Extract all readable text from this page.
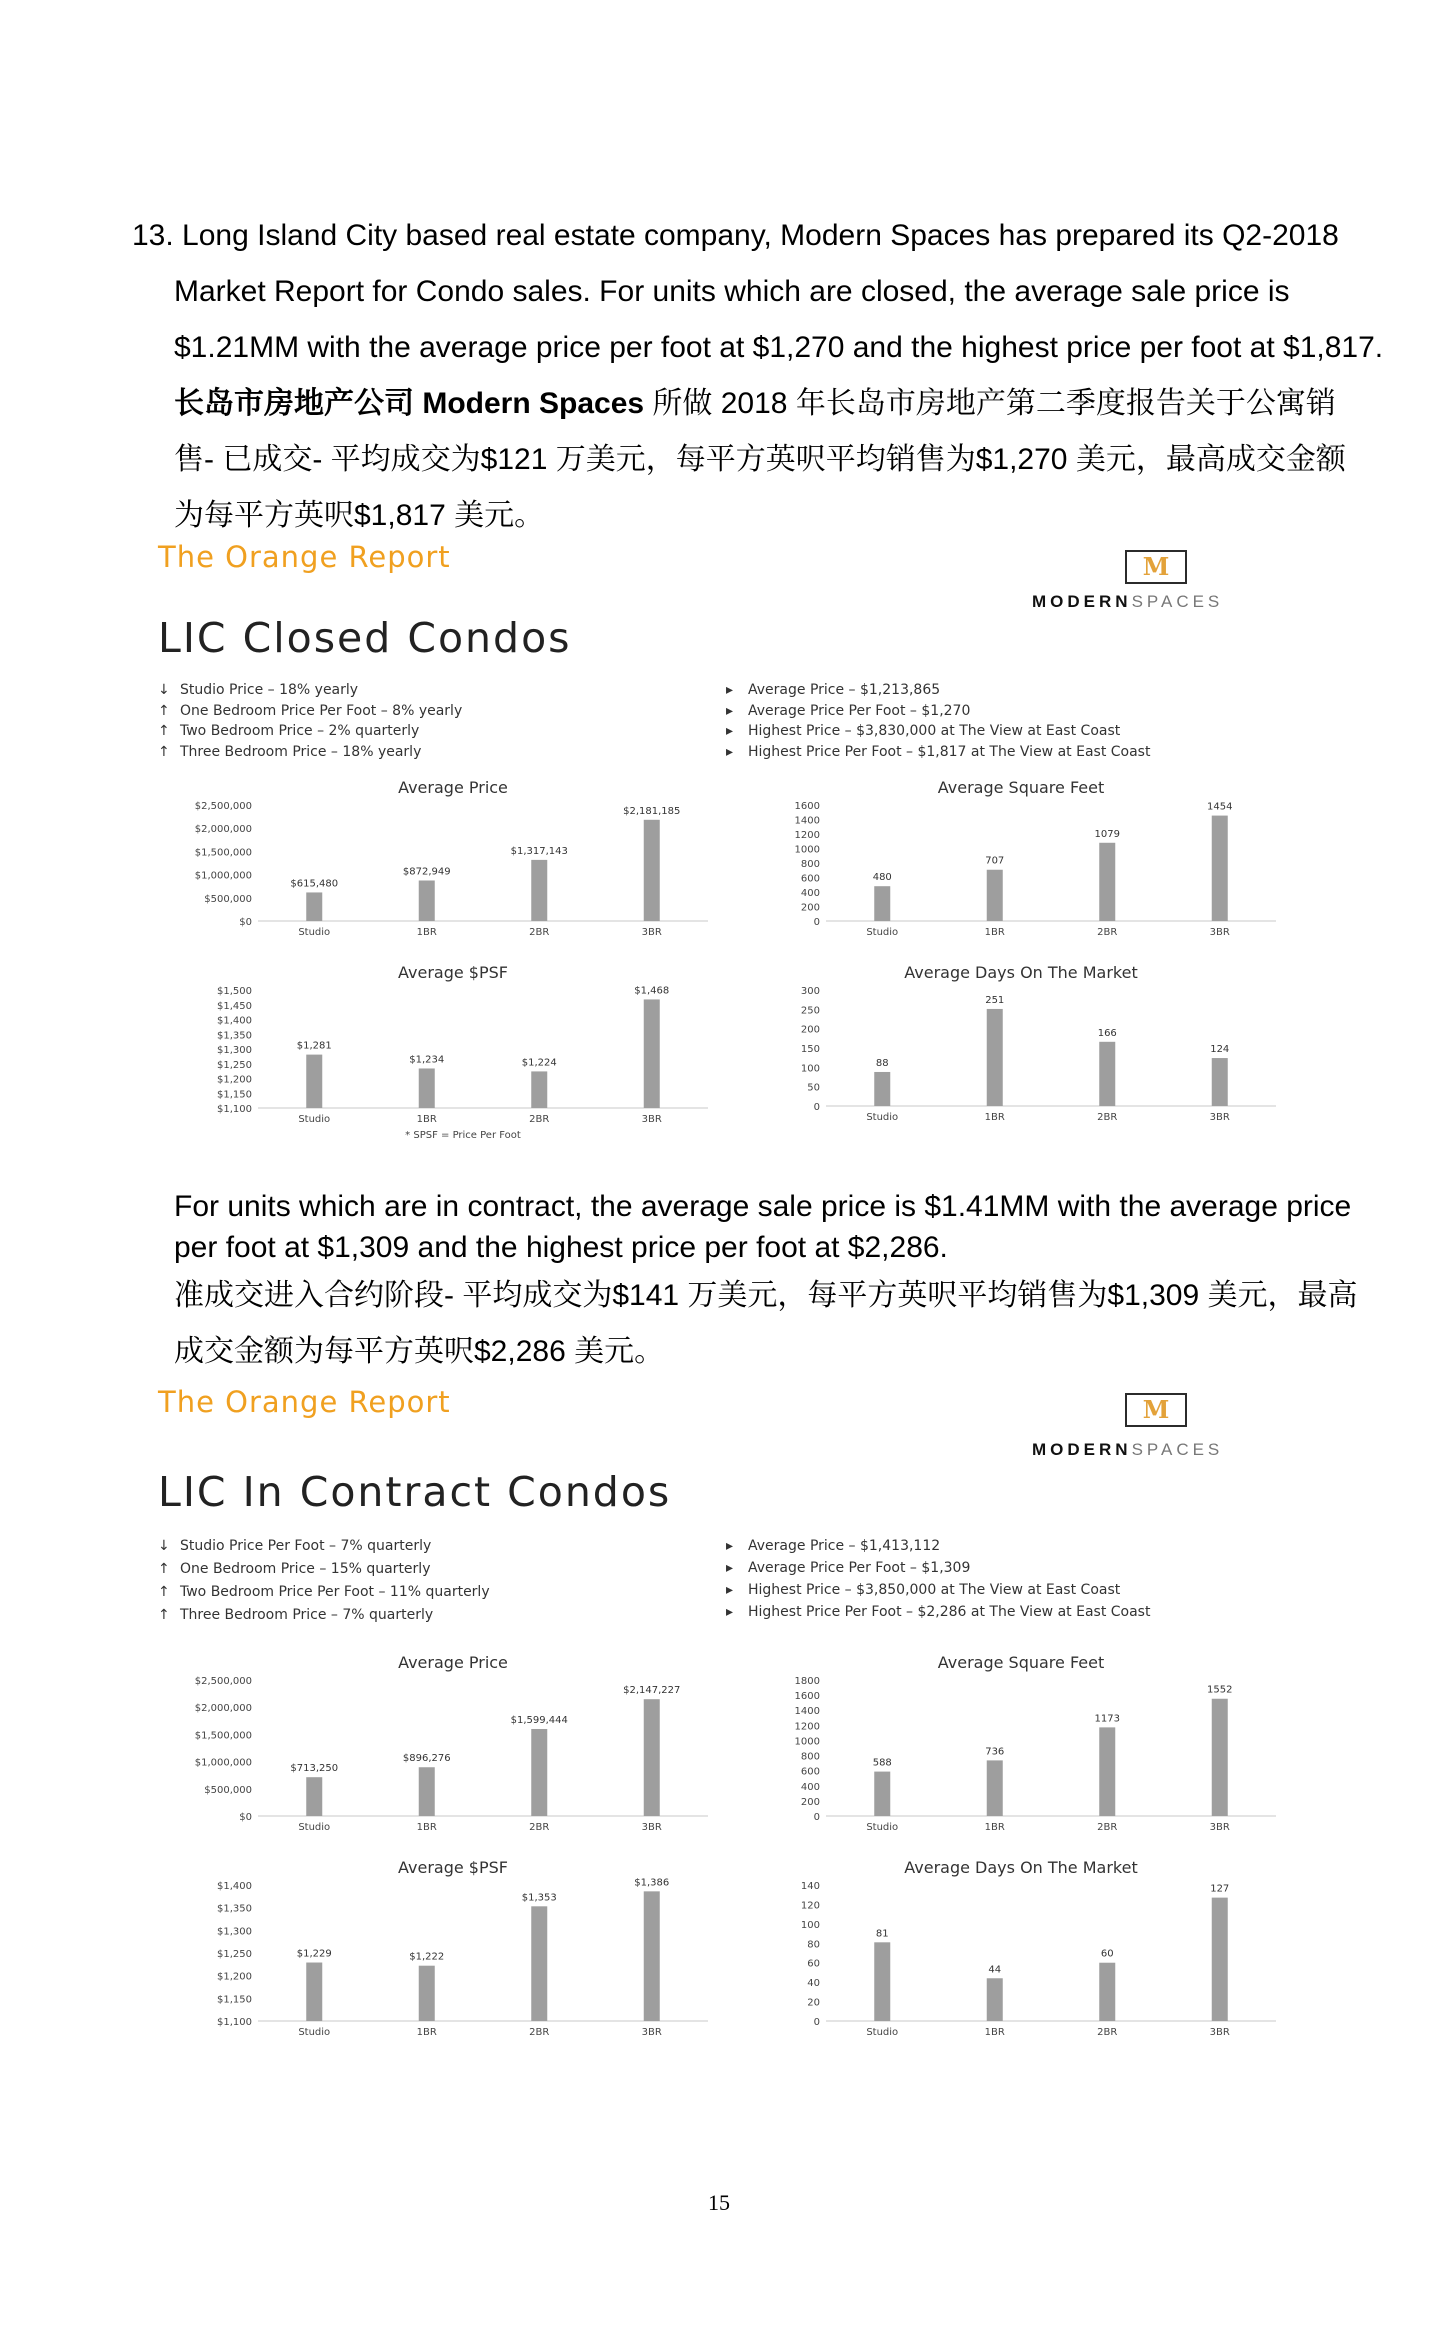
13. Long Island City based real estate company, Modern Spaces has prepared its Q2-2018
Market Report for Condo sales. For units which are closed, the average sale price is
$1.21MM with the average price per foot at $1,270 and the highest price per foot at $1,817.
长岛市房地产公司 Modern Spaces 所做 2018 年长岛市房地产第二季度报告关于公寓销
售- 已成交- 平均成交为$121 万美元，每平方英呎平均销售为$1,270 美元，最高成交金额
为每平方英呎$1,817 美元。
The Orange Report	M
MODERNSPACES
LIC Closed Condos
↓ Studio Price – 18% yearly
↑ One Bedroom Price Per Foot – 8% yearly
↑ Two Bedroom Price – 2% quarterly
↑ Three Bedroom Price – 18% yearly
▸ Average Price – $1,213,865
▸ Average Price Per Foot – $1,270
▸ Highest Price – $3,830,000 at The View at East Coast
▸ Highest Price Per Foot – $1,817 at The View at East Coast
Average Price
$0
$500,000
$1,000,000
$1,500,000
$2,000,000
$2,500,000
$615,480
Studio
$872,949
1BR
$1,317,143
2BR
$2,181,185
3BR
Average Square Feet
0
200
400
600
800
1000
1200
1400
1600
480
Studio
707
1BR
1079
2BR
1454
3BR
Average $PSF
$1,100
$1,150
$1,200
$1,250
$1,300
$1,350
$1,400
$1,450
$1,500
$1,281
Studio
$1,234
1BR
$1,224
2BR
$1,468
3BR
* SPSF = Price Per Foot
Average Days On The Market
0
50
100
150
200
250
300
88
Studio
251
1BR
166
2BR
124
3BR
For units which are in contract, the average sale price is $1.41MM with the average price
per foot at $1,309 and the highest price per foot at $2,286.
准成交进入合约阶段- 平均成交为$141 万美元，每平方英呎平均销售为$1,309 美元，最高
成交金额为每平方英呎$2,286 美元。
The Orange Report	M
MODERNSPACES
LIC In Contract Condos
↓ Studio Price Per Foot – 7% quarterly
↑ One Bedroom Price – 15% quarterly
↑ Two Bedroom Price Per Foot – 11% quarterly
↑ Three Bedroom Price – 7% quarterly
▸ Average Price – $1,413,112
▸ Average Price Per Foot – $1,309
▸ Highest Price – $3,850,000 at The View at East Coast
▸ Highest Price Per Foot – $2,286 at The View at East Coast
Average Price
$0
$500,000
$1,000,000
$1,500,000
$2,000,000
$2,500,000
$713,250
Studio
$896,276
1BR
$1,599,444
2BR
$2,147,227
3BR
Average Square Feet
0
200
400
600
800
1000
1200
1400
1600
1800
588
Studio
736
1BR
1173
2BR
1552
3BR
Average $PSF
$1,100
$1,150
$1,200
$1,250
$1,300
$1,350
$1,400
$1,229
Studio
$1,222
1BR
$1,353
2BR
$1,386
3BR
Average Days On The Market
0
20
40
60
80
100
120
140
81
Studio
44
1BR
60
2BR
127
3BR
15
